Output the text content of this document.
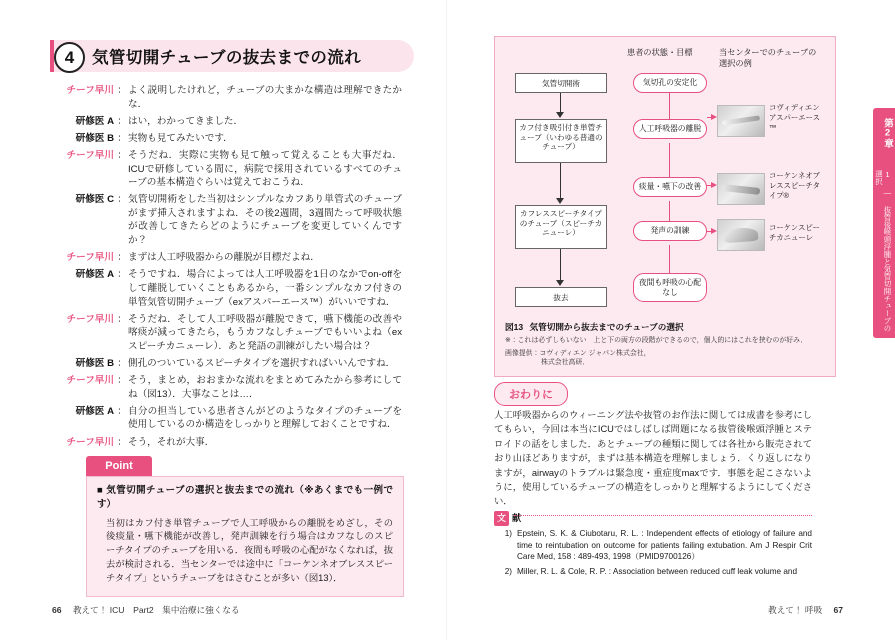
4	気管切開チューブの抜去までの流れ
チーフ早川 ： よく説明したけれど，チューブの大まかな構造は理解できたかな．
研修医 A ： はい，わかってきました．
研修医 B ： 実物も見てみたいです．
チーフ早川 ： そうだね．実際に実物も見て触って覚えることも大事だね．ICUで研修している間に，病院で採用されているすべてのチューブの基本構造ぐらいは覚えておこうね．
研修医 C ： 気管切開術をした当初はシンプルなカフあり単管式のチューブがまず挿入されますよね．その後2週間，3週間たって呼吸状態が改善してきたらどのようにチューブを変更していくんですか？
チーフ早川 ： まずは人工呼吸器からの離脱が目標だよね．
研修医 A ： そうですね．場合によっては人工呼吸器を1日のなかでon-offをして離脱していくこともあるから，一番シンプルなカフ付きの単管気管切開チューブ（exアスパーエース™）がいいですね．
チーフ早川 ： そうだね．そして人工呼吸器が離脱できて，嚥下機能の改善や喀痰が減ってきたら，もうカフなしチューブでもいいよね（exスピーチカニューレ）．あと発語の訓練がしたい場合は？
研修医 B ： 側孔のついているスピーチタイプを選択すればいいんですね．
チーフ早川 ： そう，まとめ，おおまかな流れをまとめてみたから参考にしてね（図13）．大事なことは…．
研修医 A ： 自分の担当している患者さんがどのようなタイプのチューブを使用しているのか構造をしっかりと理解しておくことですね．
チーフ早川 ： そう，それが大事．
Point
■ 気管切開チューブの選択と抜去までの流れ（※あくまでも一例です）
当初はカフ付き単管チューブで人工呼吸からの離脱をめざし，その後痰量・嚥下機能が改善し，発声訓練を行う場合はカフなしのスピーチタイプのチューブを用いる．夜間も呼吸の心配がなくなれば，抜去が検討される．当センターでは途中に「コーケンネオブレススピーチタイプ」というチューブをはさむことが多い（図13）．
66 教えて！ ICU　Part2　集中治療に強くなる
患者の状態・目標	当センターでのチューブの選択の例
気管切開術
カフ付き吸引付き単管チューブ（いわゆる普通のチューブ）
カフレススピーチタイプのチューブ（スピーチカニューレ）
抜去
気切孔の安定化
人工呼吸器の離脱
痰量・嚥下の改善
発声の訓練
夜間も呼吸の心配なし
コヴィディエンアスパーエース™
コーケンネオブレススピーチタイプ®
コーケンスピーチカニューレ
図13 気管切開から抜去までのチューブの選択
※：これは必ずしもいない　上と下の両方の段階ができるので，個人的にはこれを挟むのが好み．
画像提供：コヴィディエン ジャパン株式会社，
株式会社高研．
おわりに
人工呼吸器からのウィーニング法や抜管のお作法に関しては成書を参考にしてもらい，今回は本当にICUではしばしば問題になる抜管後喉頭浮腫とステロイドの話をしました．あとチューブの種類に関しては各社から販売されており山ほどありますが，まずは基本構造を理解しましょう．くり返しになりますが，airwayのトラブルは緊急度・重症度maxです．事態を起こさないように，使用しているチューブの構造をしっかりと理解するようにしてください．
文 献
1) Epstein, S. K. & Ciubotaru, R. L. : Independent effects of etiology of failure and time to reintubation on outcome for patients failing extubation. Am J Respir Crit Care Med, 158 : 489-493, 1998（PMID9700126）
2) Miller, R. L. & Cole, R. P. : Association between reduced cuff leak volume and
第2章
1 ― 抜管後喉頭浮腫と気管切開チューブの選択
教えて！ 呼吸 67
